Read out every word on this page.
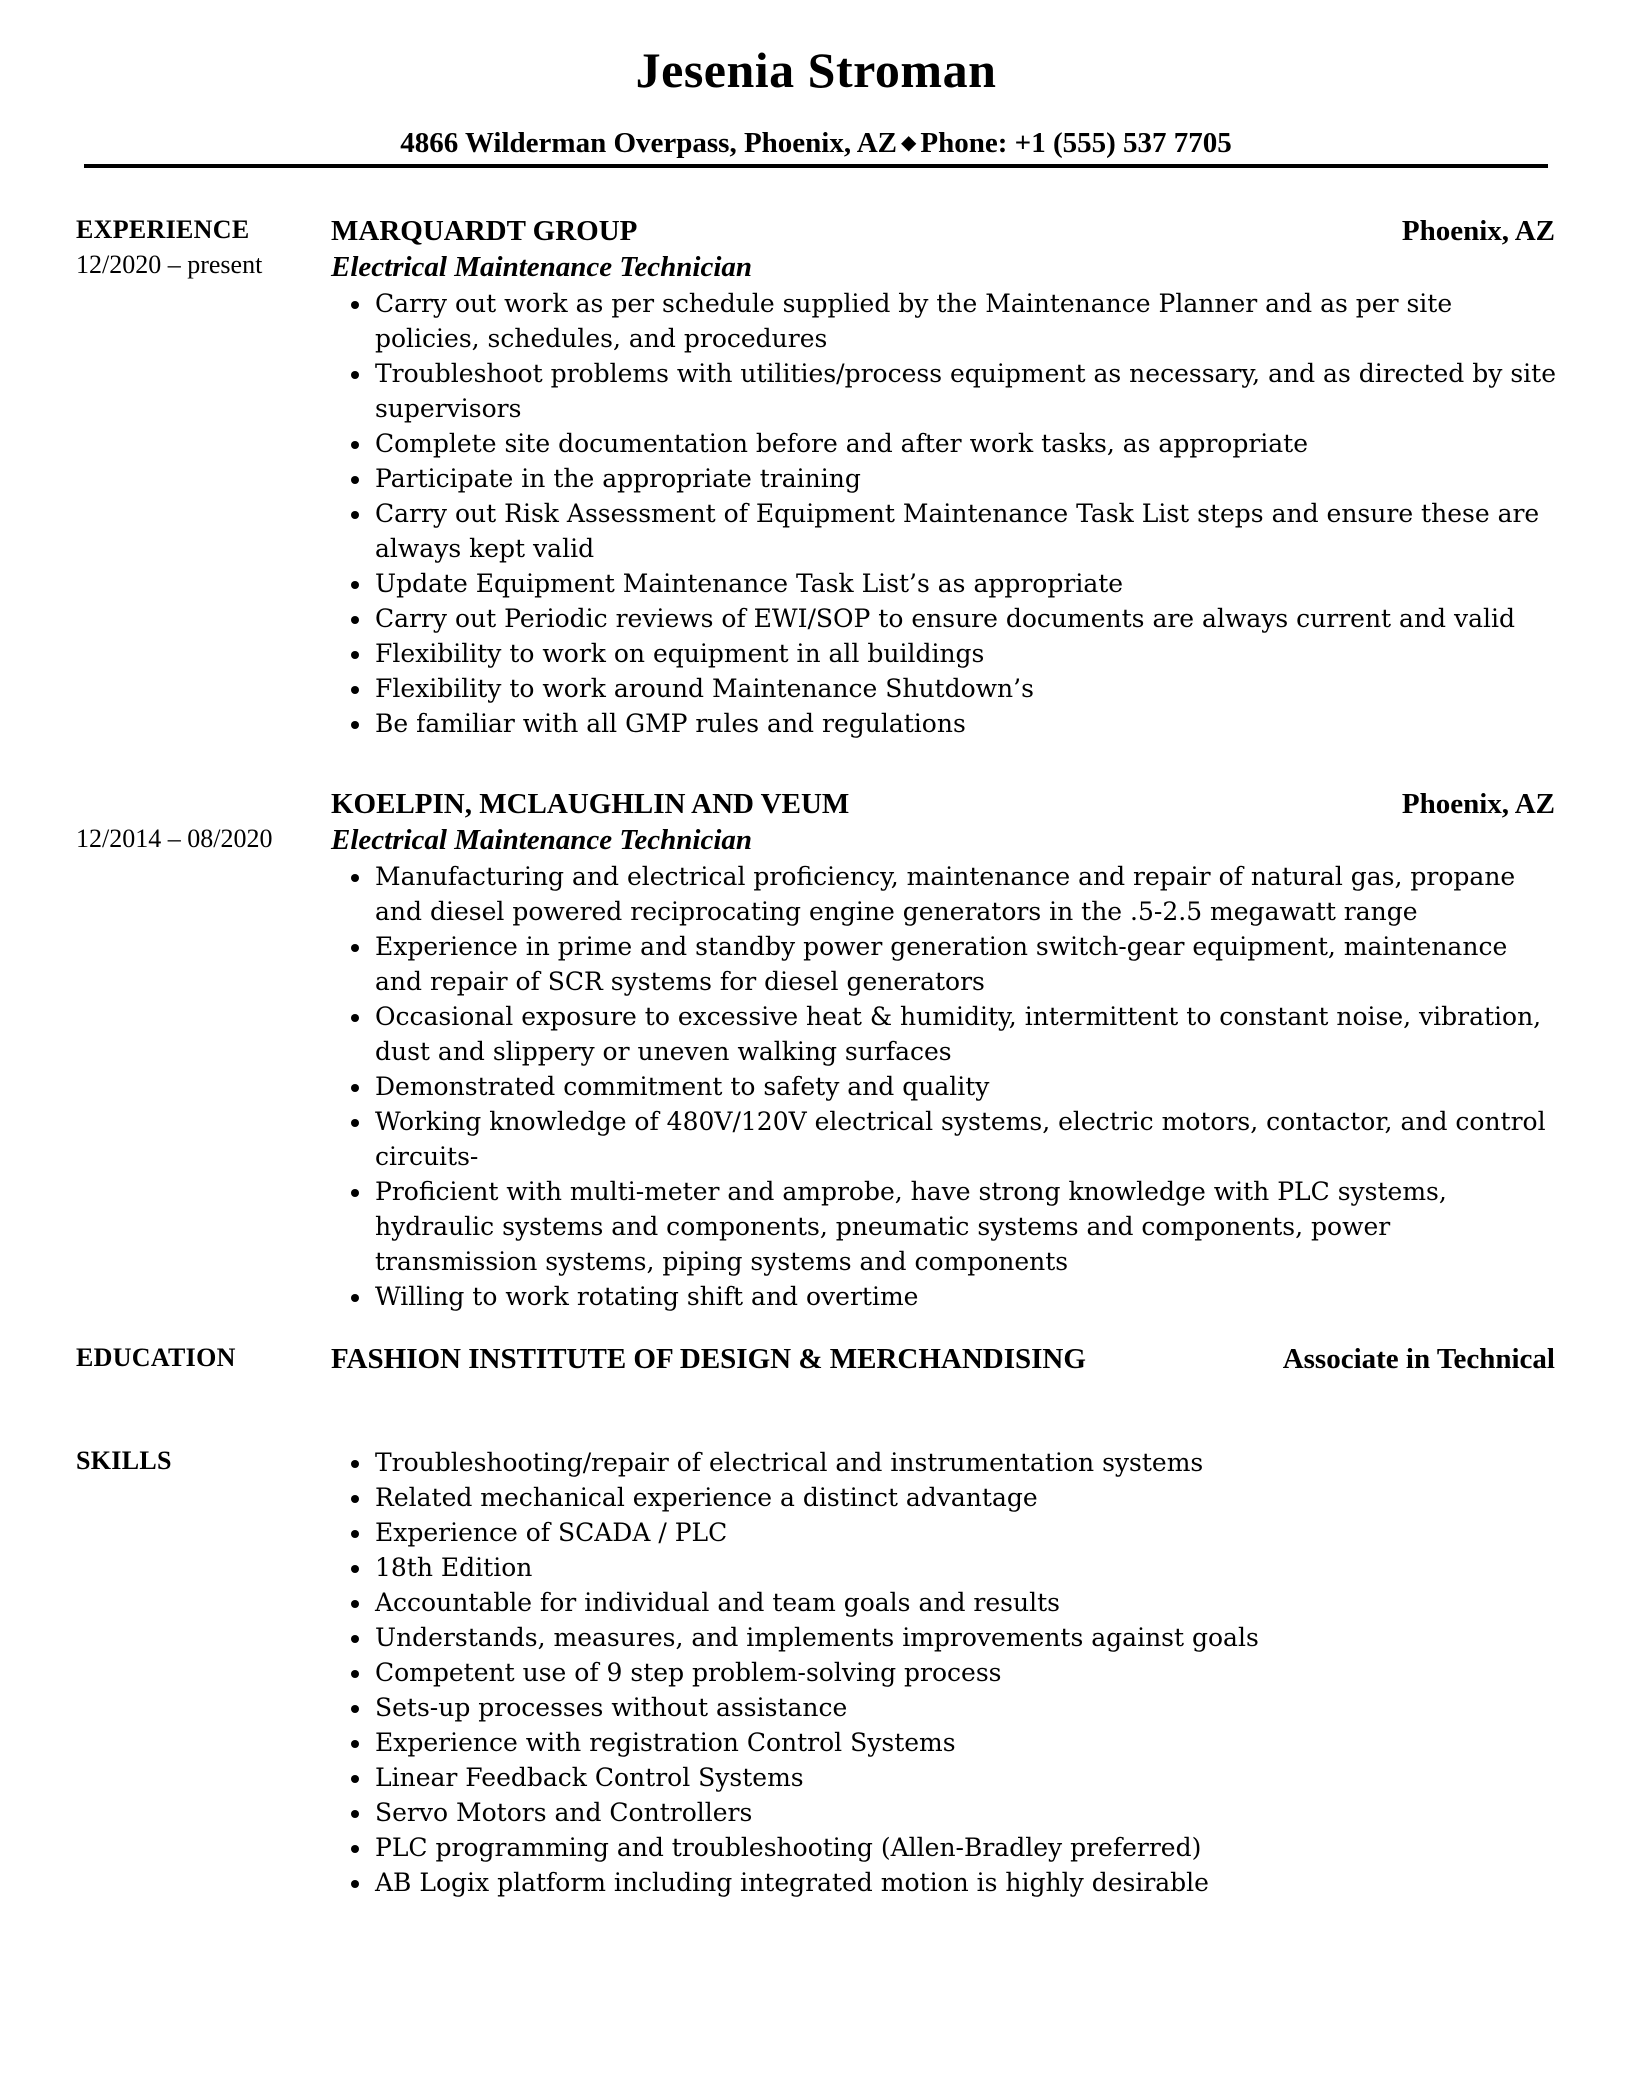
Jesenia Stroman
4866 Wilderman Overpass, Phoenix, AZ ◆ Phone: +1 (555) 537 7705
EXPERIENCE
12/2020 – present
MARQUARDT GROUP	Phoenix, AZ
Electrical Maintenance Technician
Carry out work as per schedule supplied by the Maintenance Planner and as per site policies, schedules, and procedures
Troubleshoot problems with utilities/process equipment as necessary, and as directed by site supervisors
Complete site documentation before and after work tasks, as appropriate
Participate in the appropriate training
Carry out Risk Assessment of Equipment Maintenance Task List steps and ensure these are always kept valid
Update Equipment Maintenance Task List’s as appropriate
Carry out Periodic reviews of EWI/SOP to ensure documents are always current and valid
Flexibility to work on equipment in all buildings
Flexibility to work around Maintenance Shutdown’s
Be familiar with all GMP rules and regulations
12/2014 – 08/2020
KOELPIN, MCLAUGHLIN AND VEUM	Phoenix, AZ
Electrical Maintenance Technician
Manufacturing and electrical proficiency, maintenance and repair of natural gas, propane and diesel powered reciprocating engine generators in the .5-2.5 megawatt range
Experience in prime and standby power generation switch-gear equipment, maintenance and repair of SCR systems for diesel generators
Occasional exposure to excessive heat & humidity, intermittent to constant noise, vibration, dust and slippery or uneven walking surfaces
Demonstrated commitment to safety and quality
Working knowledge of 480V/120V electrical systems, electric motors, contactor, and control circuits-
Proficient with multi-meter and amprobe, have strong knowledge with PLC systems, hydraulic systems and components, pneumatic systems and components, power transmission systems, piping systems and components
Willing to work rotating shift and overtime
EDUCATION	FASHION INSTITUTE OF DESIGN & MERCHANDISING	Associate in Technical
SKILLS	Troubleshooting/repair of electrical and instrumentation systems
Related mechanical experience a distinct advantage
Experience of SCADA / PLC
18th Edition
Accountable for individual and team goals and results
Understands, measures, and implements improvements against goals
Competent use of 9 step problem-solving process
Sets-up processes without assistance
Experience with registration Control Systems
Linear Feedback Control Systems
Servo Motors and Controllers
PLC programming and troubleshooting (Allen-Bradley preferred)
AB Logix platform including integrated motion is highly desirable
